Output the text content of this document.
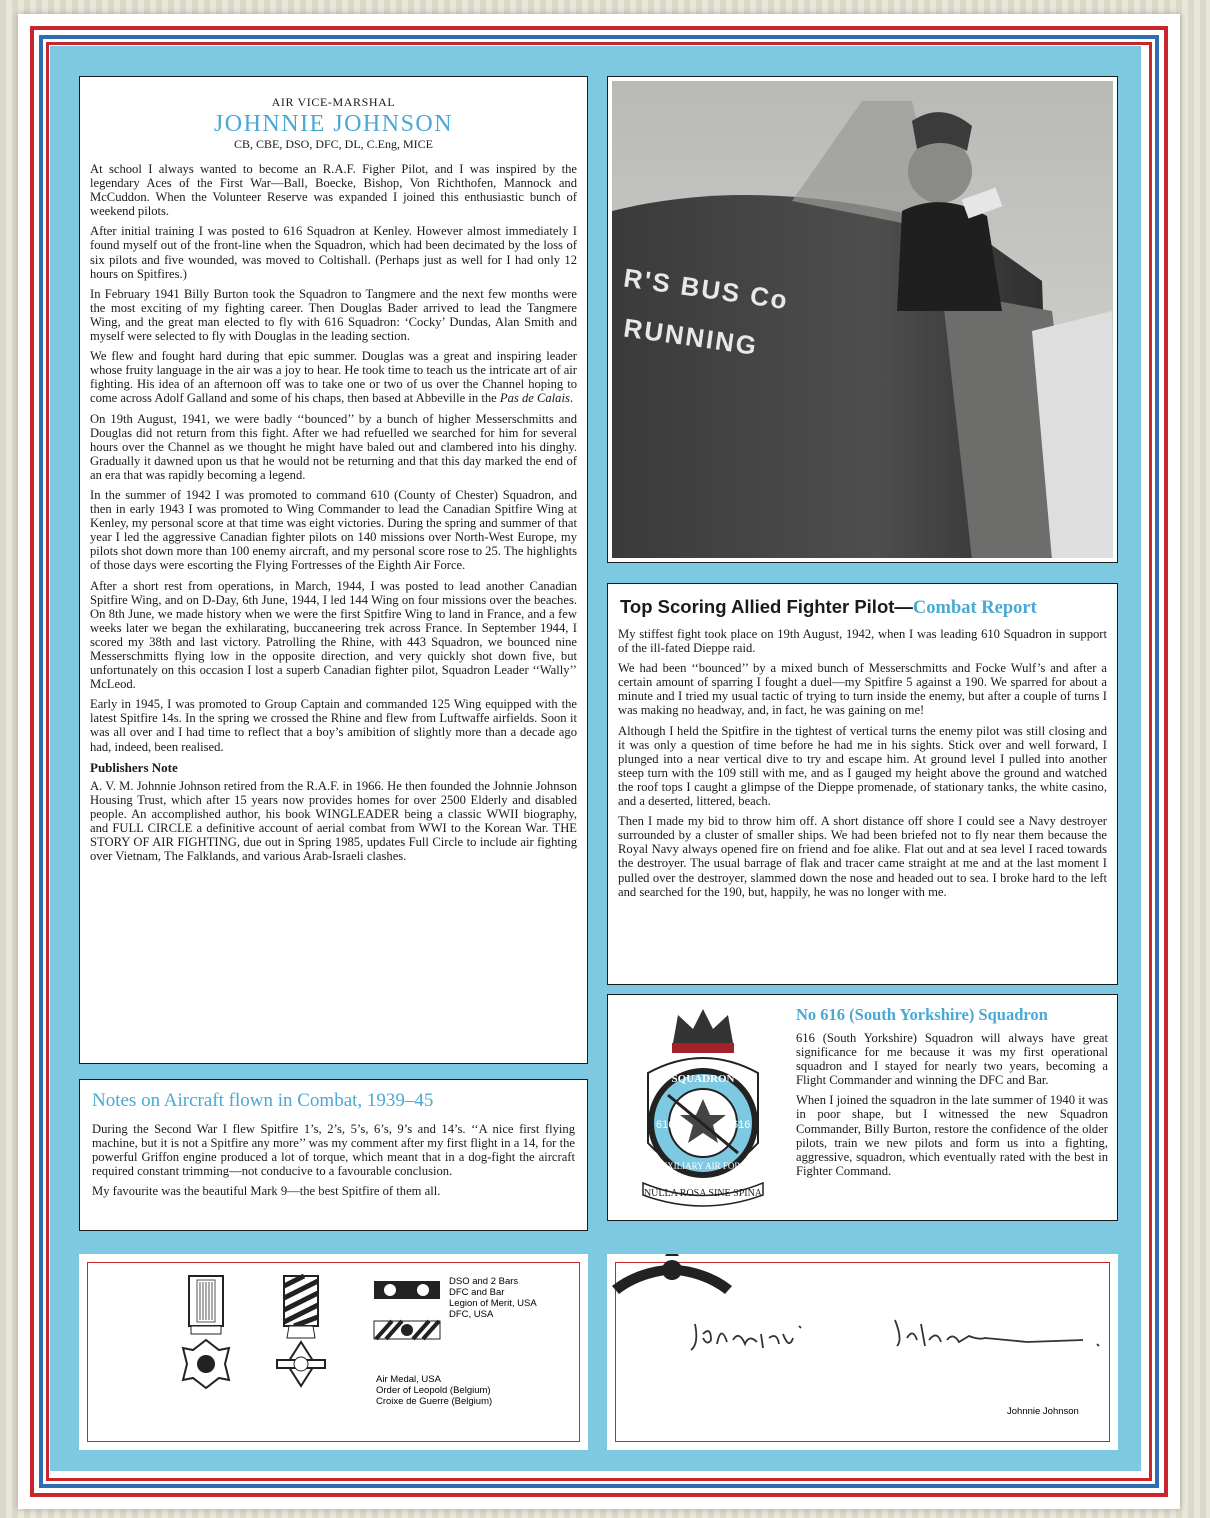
AIR VICE-MARSHAL
JOHNNIE JOHNSON
CB, CBE, DSO, DFC, DL, C.Eng, MICE

At school I always wanted to become an R.A.F. Figher Pilot, and I was inspired by the legendary Aces of the First War—Ball, Boecke, Bishop, Von Richthofen, Mannock and McCuddon. When the Volunteer Reserve was expanded I joined this enthusiastic bunch of weekend pilots.

After initial training I was posted to 616 Squadron at Kenley. However almost immediately I found myself out of the front-line when the Squadron, which had been decimated by the loss of six pilots and five wounded, was moved to Coltishall. (Perhaps just as well for I had only 12 hours on Spitfires.)

In February 1941 Billy Burton took the Squadron to Tangmere and the next few months were the most exciting of my fighting career. Then Douglas Bader arrived to lead the Tangmere Wing, and the great man elected to fly with 616 Squadron: ‘Cocky’ Dundas, Alan Smith and myself were selected to fly with Douglas in the leading section.

We flew and fought hard during that epic summer. Douglas was a great and inspiring leader whose fruity language in the air was a joy to hear. He took time to teach us the intricate art of air fighting. His idea of an afternoon off was to take one or two of us over the Channel hoping to come across Adolf Galland and some of his chaps, then based at Abbeville in the Pas de Calais.

On 19th August, 1941, we were badly ‘‘bounced’’ by a bunch of higher Messerschmitts and Douglas did not return from this fight. After we had refuelled we searched for him for several hours over the Channel as we thought he might have baled out and clambered into his dinghy. Gradually it dawned upon us that he would not be returning and that this day marked the end of an era that was rapidly becoming a legend.

In the summer of 1942 I was promoted to command 610 (County of Chester) Squadron, and then in early 1943 I was promoted to Wing Commander to lead the Canadian Spitfire Wing at Kenley, my personal score at that time was eight victories. During the spring and summer of that year I led the aggressive Canadian fighter pilots on 140 missions over North-West Europe, my pilots shot down more than 100 enemy aircraft, and my personal score rose to 25. The highlights of those days were escorting the Flying Fortresses of the Eighth Air Force.

After a short rest from operations, in March, 1944, I was posted to lead another Canadian Spitfire Wing, and on D-Day, 6th June, 1944, I led 144 Wing on four missions over the beaches. On 8th June, we made history when we were the first Spitfire Wing to land in France, and a few weeks later we began the exhilarating, buccaneering trek across France. In September 1944, I scored my 38th and last victory. Patrolling the Rhine, with 443 Squadron, we bounced nine Messerschmitts flying low in the opposite direction, and very quickly shot down five, but unfortunately on this occasion I lost a superb Canadian fighter pilot, Squadron Leader ‘‘Wally’’ McLeod.

Early in 1945, I was promoted to Group Captain and commanded 125 Wing equipped with the latest Spitfire 14s. In the spring we crossed the Rhine and flew from Luftwaffe airfields. Soon it was all over and I had time to reflect that a boy’s amibition of slightly more than a decade ago had, indeed, been realised.

Publishers Note

A. V. M. Johnnie Johnson retired from the R.A.F. in 1966. He then founded the Johnnie Johnson Housing Trust, which after 15 years now provides homes for over 2500 Elderly and disabled people. An accomplished author, his book WINGLEADER being a classic WWII biography, and FULL CIRCLE a definitive account of aerial combat from WWI to the Korean War. THE STORY OF AIR FIGHTING, due out in Spring 1985, updates Full Circle to include air fighting over Vietnam, The Falklands, and various Arab-Israeli clashes.

R'S BUS Co
RUNNING
Top Scoring Allied Fighter Pilot—Combat Report

My stiffest fight took place on 19th August, 1942, when I was leading 610 Squadron in support of the ill-fated Dieppe raid.

We had been ‘‘bounced’’ by a mixed bunch of Messerschmitts and Focke Wulf’s and after a certain amount of sparring I fought a duel—my Spitfire 5 against a 190. We sparred for about a minute and I tried my usual tactic of trying to turn inside the enemy, but after a couple of turns I was making no headway, and, in fact, he was gaining on me!

Although I held the Spitfire in the tightest of vertical turns the enemy pilot was still closing and it was only a question of time before he had me in his sights. Stick over and well forward, I plunged into a near vertical dive to try and escape him. At ground level I pulled into another steep turn with the 109 still with me, and as I gauged my height above the ground and watched the roof tops I caught a glimpse of the Dieppe promenade, of stationary tanks, the white casino, and a deserted, littered, beach.

Then I made my bid to throw him off. A short distance off shore I could see a Navy destroyer surrounded by a cluster of smaller ships. We had been briefed not to fly near them because the Royal Navy always opened fire on friend and foe alike. Flat out and at sea level I raced towards the destroyer. The usual barrage of flak and tracer came straight at me and at the last moment I pulled over the destroyer, slammed down the nose and headed out to sea. I broke hard to the left and searched for the 190, but, happily, he was no longer with me.

SQUADRON
616	616
AUXILIARY AIR FORCE
NULLA ROSA SINE SPINA
No 616 (South Yorkshire) Squadron

616 (South Yorkshire) Squadron will always have great significance for me because it was my first operational squadron and I stayed for nearly two years, becoming a Flight Commander and winning the DFC and Bar.

When I joined the squadron in the late summer of 1940 it was in poor shape, but I witnessed the new Squadron Commander, Billy Burton, restore the confidence of the older pilots, train we new pilots and form us into a fighting, aggressive, squadron, which eventually rated with the best in Fighter Command.

Notes on Aircraft flown in Combat, 1939–45

During the Second War I flew Spitfire 1’s, 2’s, 5’s, 6’s, 9’s and 14’s. ‘‘A nice first flying machine, but it is not a Spitfire any more’’ was my comment after my first flight in a 14, for the powerful Griffon engine produced a lot of torque, which meant that in a dog-fight the aircraft required constant trimming—not conducive to a favourable conclusion.

My favourite was the beautiful Mark 9—the best Spitfire of them all.

DSO and 2 Bars
DFC and Bar
Legion of Merit, USA
DFC, USA
Air Medal, USA
Order of Leopold (Belgium)
Croixe de Guerre (Belgium)
Johnnie Johnson
